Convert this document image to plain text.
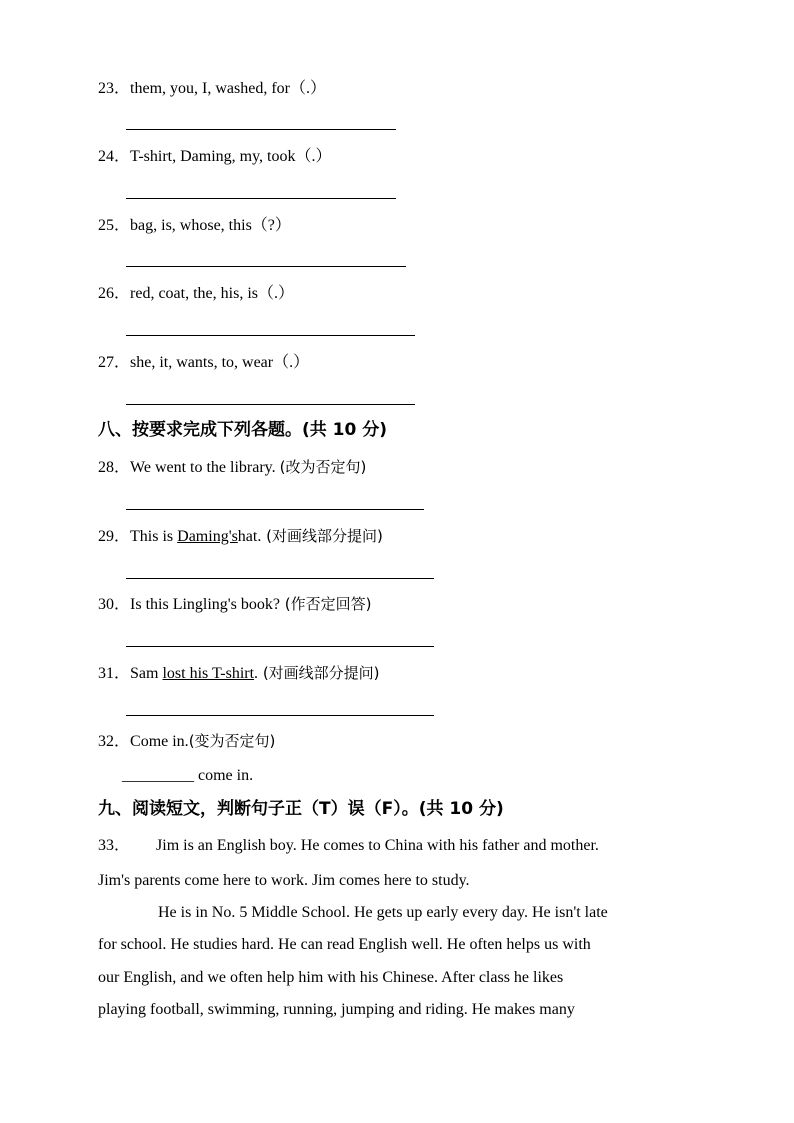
23．them, you, I, washed, for（.）
24．T-shirt, Daming, my, took（.）
25．bag, is, whose, this（?）
26．red, coat, the, his, is（.）
27．she, it, wants, to, wear（.）
八、按要求完成下列各题。(共 10 分)
28．We went to the library. (改为否定句)
29．This is Daming'shat. (对画线部分提问)
30．Is this Lingling's book? (作否定回答)
31．Sam lost his T-shirt. (对画线部分提问)
32．Come in.(变为否定句)
_________ come in.
九、阅读短文，判断句子正（T）误（F）。(共 10 分)
33． Jim is an English boy. He comes to China with his father and mother.
Jim's parents come here to work. Jim comes here to study.
He is in No. 5 Middle School. He gets up early every day. He isn't late
for school. He studies hard. He can read English well. He often helps us with
our English, and we often help him with his Chinese. After class he likes
playing football, swimming, running, jumping and riding. He makes many
